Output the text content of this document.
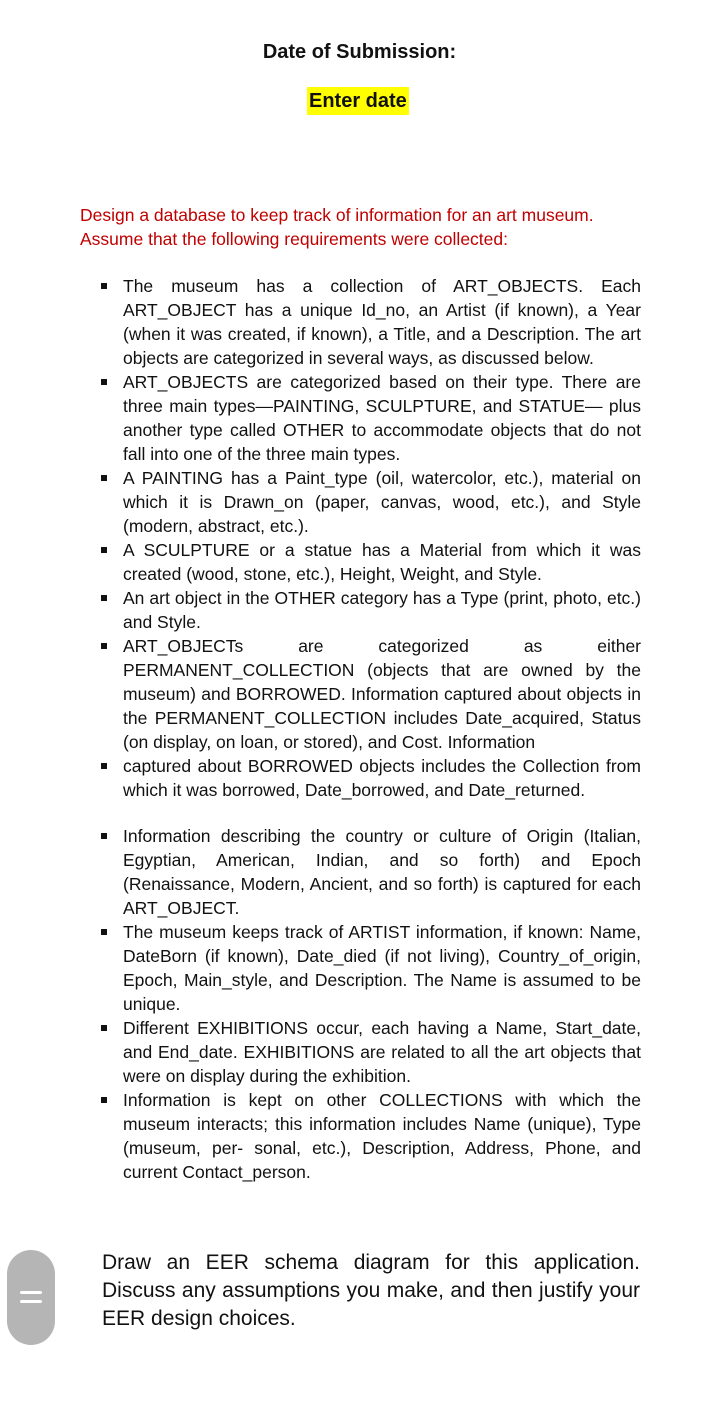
Date of Submission:
Enter date
Design a database to keep track of information for an art museum. Assume that the following requirements were collected:
The museum has a collection of ART_OBJECTS. Each ART_OBJECT has a unique Id_no, an Artist (if known), a Year (when it was created, if known), a Title, and a Description. The art objects are categorized in several ways, as discussed below.
ART_OBJECTS are categorized based on their type. There are three main types—PAINTING, SCULPTURE, and STATUE— plus another type called OTHER to accommodate objects that do not fall into one of the three main types.
A PAINTING has a Paint_type (oil, watercolor, etc.), material on which it is Drawn_on (paper, canvas, wood, etc.), and Style (modern, abstract, etc.).
A SCULPTURE or a statue has a Material from which it was created (wood, stone, etc.), Height, Weight, and Style.
An art object in the OTHER category has a Type (print, photo, etc.) and Style.
ART_OBJECTs are categorized as either PERMANENT_COLLECTION (objects that are owned by the museum) and BORROWED. Information captured about objects in the PERMANENT_COLLECTION includes Date_acquired, Status (on display, on loan, or stored), and Cost. Information
captured about BORROWED objects includes the Collection from which it was borrowed, Date_borrowed, and Date_returned.
Information describing the country or culture of Origin (Italian, Egyptian, American, Indian, and so forth) and Epoch (Renaissance, Modern, Ancient, and so forth) is captured for each ART_OBJECT.
The museum keeps track of ARTIST information, if known: Name, DateBorn (if known), Date_died (if not living), Country_of_origin, Epoch, Main_style, and Description. The Name is assumed to be unique.
Different EXHIBITIONS occur, each having a Name, Start_date, and End_date. EXHIBITIONS are related to all the art objects that were on display during the exhibition.
Information is kept on other COLLECTIONS with which the museum interacts; this information includes Name (unique), Type (museum, per- sonal, etc.), Description, Address, Phone, and current Contact_person.
Draw an EER schema diagram for this application. Discuss any assumptions you make, and then justify your EER design choices.
